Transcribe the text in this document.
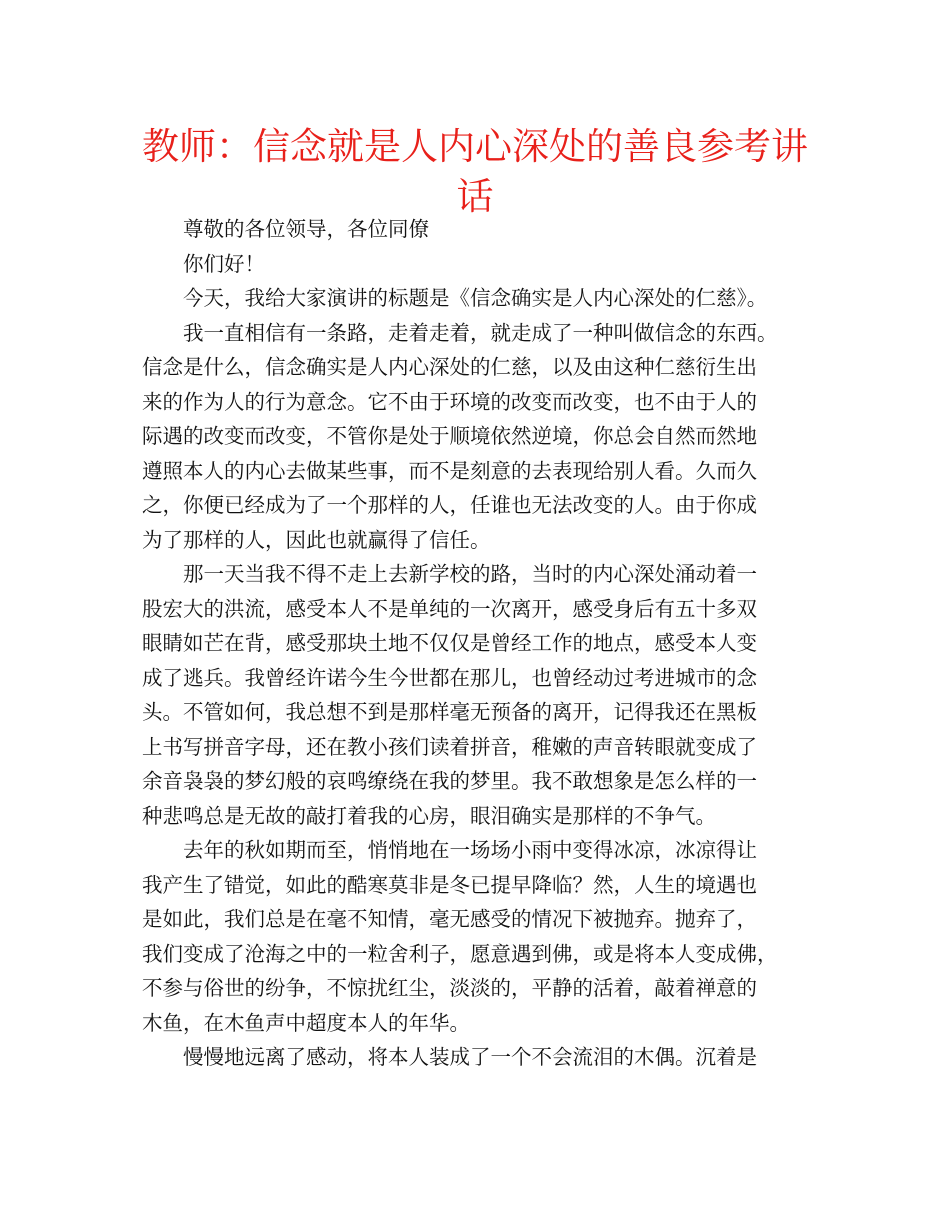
教师：信念就是人内心深处的善良参考讲
话
尊敬的各位领导，各位同僚
你们好！
今天，我给大家演讲的标题是《信念确实是人内心深处的仁慈》。
我一直相信有一条路，走着走着，就走成了一种叫做信念的东西。
信念是什么，信念确实是人内心深处的仁慈，以及由这种仁慈衍生出
来的作为人的行为意念。它不由于环境的改变而改变，也不由于人的
际遇的改变而改变，不管你是处于顺境依然逆境，你总会自然而然地
遵照本人的内心去做某些事，而不是刻意的去表现给别人看。久而久
之，你便已经成为了一个那样的人，任谁也无法改变的人。由于你成
为了那样的人，因此也就赢得了信任。
那一天当我不得不走上去新学校的路，当时的内心深处涌动着一
股宏大的洪流，感受本人不是单纯的一次离开，感受身后有五十多双
眼睛如芒在背，感受那块土地不仅仅是曾经工作的地点，感受本人变
成了逃兵。我曾经许诺今生今世都在那儿，也曾经动过考进城市的念
头。不管如何，我总想不到是那样毫无预备的离开，记得我还在黑板
上书写拼音字母，还在教小孩们读着拼音，稚嫩的声音转眼就变成了
余音袅袅的梦幻般的哀鸣缭绕在我的梦里。我不敢想象是怎么样的一
种悲鸣总是无故的敲打着我的心房，眼泪确实是那样的不争气。
去年的秋如期而至，悄悄地在一场场小雨中变得冰凉，冰凉得让
我产生了错觉，如此的酷寒莫非是冬已提早降临？然，人生的境遇也
是如此，我们总是在毫不知情，毫无感受的情况下被抛弃。抛弃了，
我们变成了沧海之中的一粒舍利子，愿意遇到佛，或是将本人变成佛，
不参与俗世的纷争，不惊扰红尘，淡淡的，平静的活着，敲着禅意的
木鱼，在木鱼声中超度本人的年华。
慢慢地远离了感动，将本人装成了一个不会流泪的木偶。沉着是
